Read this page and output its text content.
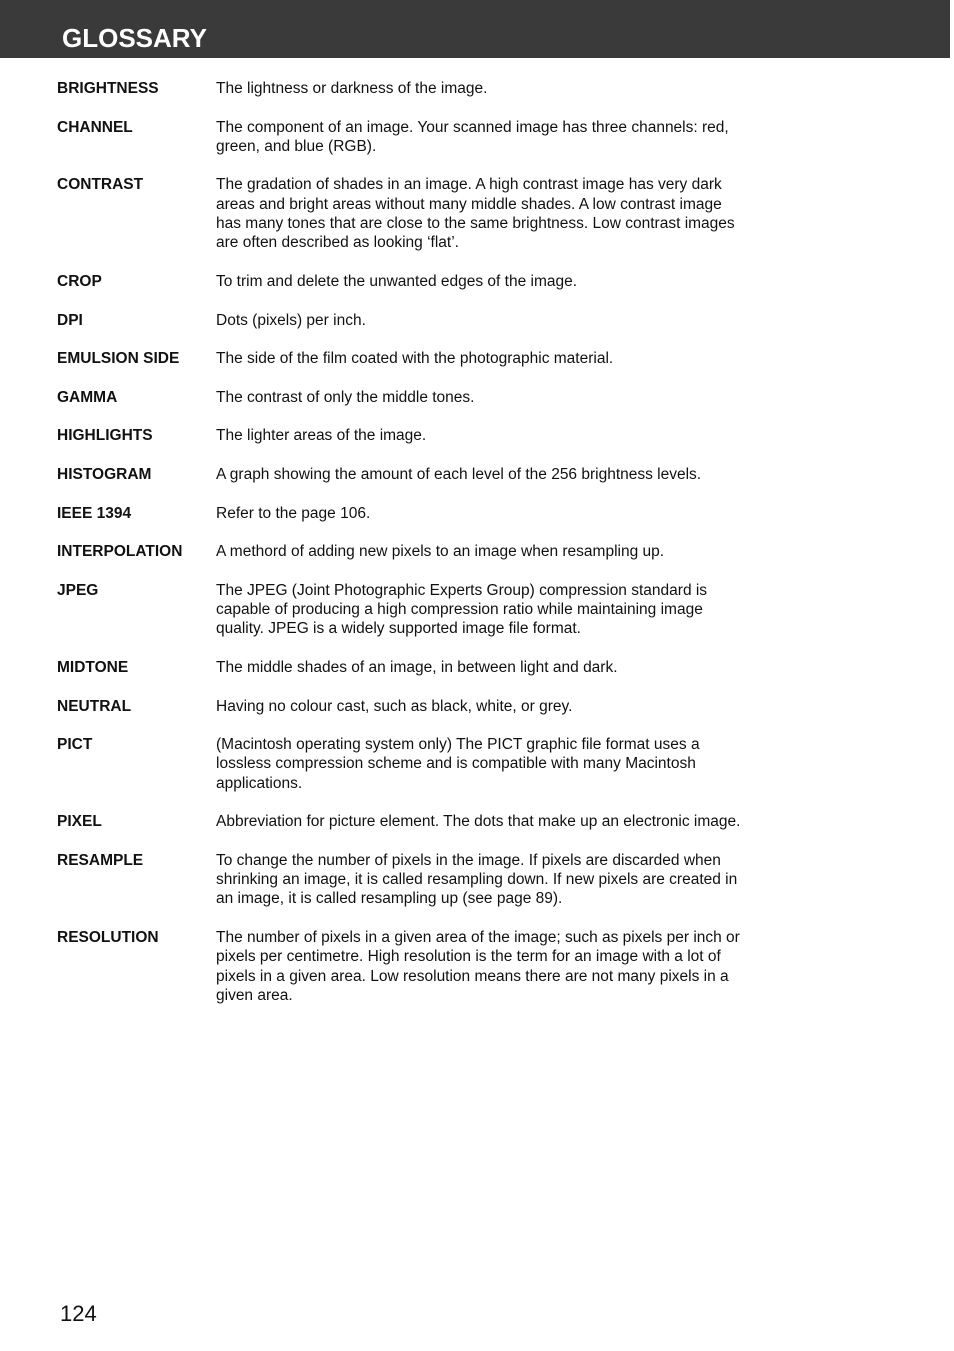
GLOSSARY
BRIGHTNESS	The lightness or darkness of the image.
CHANNEL	The component of an image. Your scanned image has three channels: red, green, and blue (RGB).
CONTRAST	The gradation of shades in an image. A high contrast image has very dark areas and bright areas without many middle shades. A low contrast image has many tones that are close to the same brightness. Low contrast images are often described as looking ‘flat’.
CROP	To trim and delete the unwanted edges of the image.
DPI	Dots (pixels) per inch.
EMULSION SIDE	The side of the film coated with the photographic material.
GAMMA	The contrast of only the middle tones.
HIGHLIGHTS	The lighter areas of the image.
HISTOGRAM	A graph showing the amount of each level of the 256 brightness levels.
IEEE 1394	Refer to the page 106.
INTERPOLATION	A methord of adding new pixels to an image when resampling up.
JPEG	The JPEG (Joint Photographic Experts Group) compression standard is capable of producing a high compression ratio while maintaining image quality. JPEG is a widely supported image file format.
MIDTONE	The middle shades of an image, in between light and dark.
NEUTRAL	Having no colour cast, such as black, white, or grey.
PICT	(Macintosh operating system only) The PICT graphic file format uses a lossless compression scheme and is compatible with many Macintosh applications.
PIXEL	Abbreviation for picture element. The dots that make up an electronic image.
RESAMPLE	To change the number of pixels in the image. If pixels are discarded when shrinking an image, it is called resampling down. If new pixels are created in an image, it is called resampling up (see page 89).
RESOLUTION	The number of pixels in a given area of the image; such as pixels per inch or pixels per centimetre. High resolution is the term for an image with a lot of pixels in a given area. Low resolution means there are not many pixels in a given area.
124
